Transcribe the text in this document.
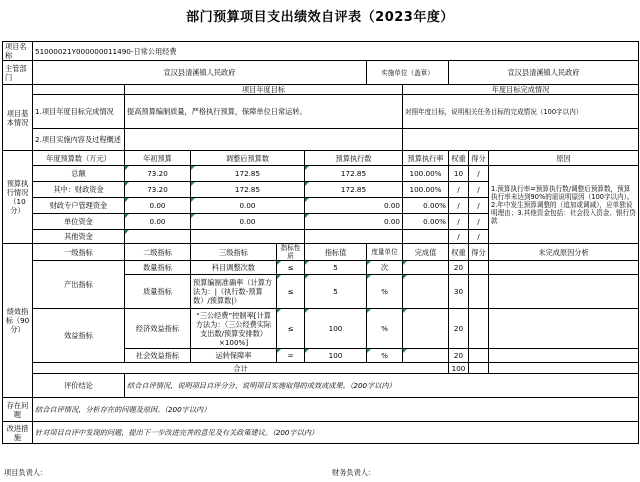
部门预算项目支出绩效自评表（2023年度）
项目名称	51000021Y000000011490-日常公用经费									
主管部门	宣汉县清溪镇人民政府					实施单位（盖章）		宣汉县清溪镇人民政府		
项目基本情况		项目年度目标					年度目标完成情况			
	1.项目年度目标完成情况	提高预算编制质量，严格执行预算，保障单位日常运转。					对照年度目标，说明相关任务目标的完成情况（100字以内）			
	2.项目实施内容及过程概述									
预算执行情况（10分）	年度预算数（万元）	年初预算	调整后预算数		预算执行数		预算执行率	权重	得分	原因
	总额	73.20	172.85		172.85		100.00%	10	/	1.预算执行率=预算执行数/调整后预算数，预算执行率未达到90%的需说明原因（100字以内）。2.年中发生预算调整的（追加或调减），应单独说明理由；3.其他资金包括：社会投入资金、银行贷款
	其中：财政资金	73.20	172.85		172.85		100.00%	/	/	
	财政专户管理资金	0.00	0.00		0.00		0.00%	/	/	
	单位资金	0.00	0.00		0.00		0.00%	/	/	
	其他资金							/	/	
绩效指标（90分）	一级指标	二级指标	三级指标	指标性质	指标值	度量单位	完成值	权重	得分	未完成原因分析
	产出指标	数量指标	科目调整次数	≤	5	次		20		
		质量指标	预算编制准确率（计算方法为：|（执行数-预算数）/预算数|）	≤	5	%		30		
	效益指标	经济效益指标	“三公经费”控制率[计算方法为：（三公经费实际支出数/预算安排数）×100%]	≤	100	%		20		
		社会效益指标	运转保障率	=	100	%		20		
	合计							100		
	评价结论	结合自评情况，说明项目自评分分，说明项目实施取得的成效或成果。（200字以内）								
存在问题	结合自评情况，分析存在的问题及原因。（200字以内）									
改进措施	针对项目自评中发现的问题，提出下一步改进完善的意见及有关政策建议。（200字以内）									
项目负责人：	财务负责人：
